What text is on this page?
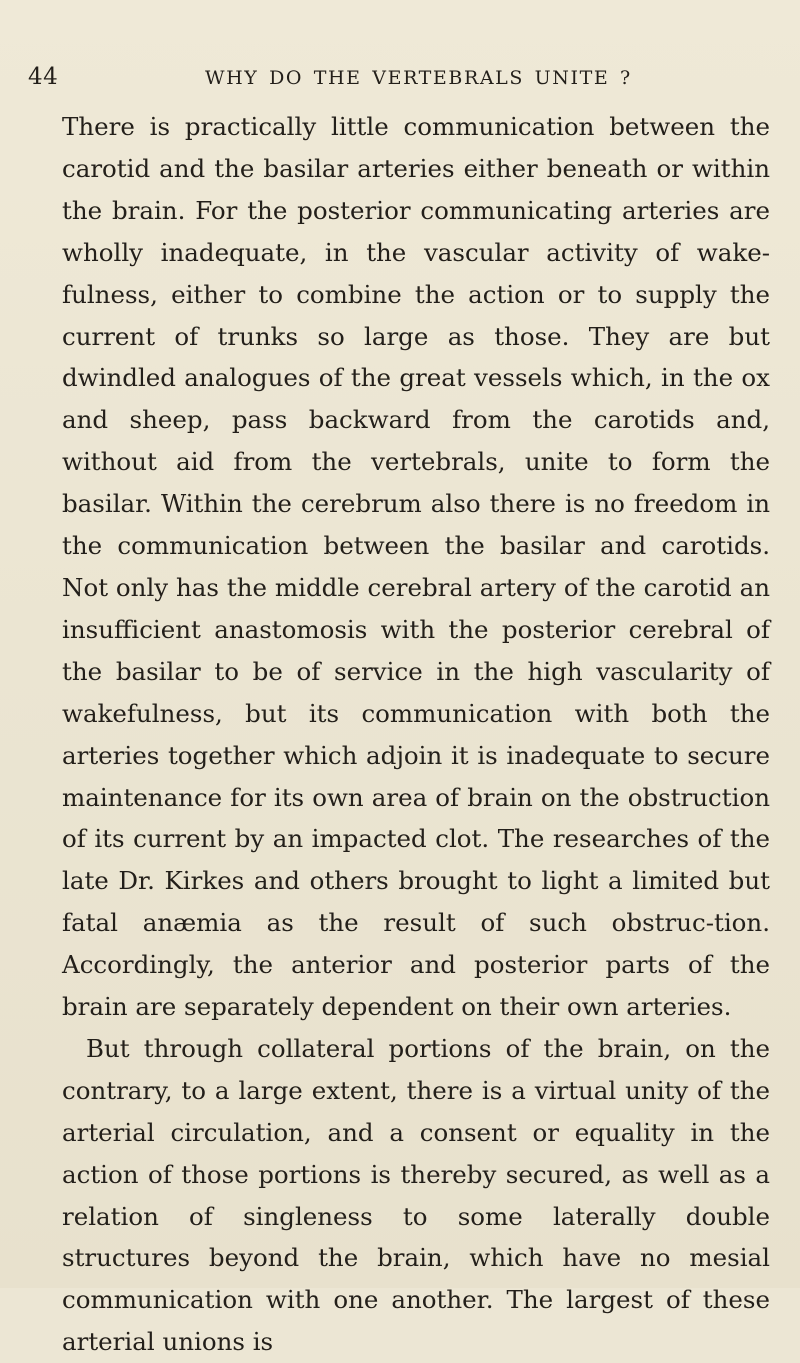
44	WHY DO THE VERTEBRALS UNITE ?

There is practically little communication between the carotid and the basilar arteries either beneath or within the brain. For the posterior communicating arteries are wholly inadequate, in the vascular activity of wake-fulness, either to combine the action or to supply the current of trunks so large as those. They are but dwindled analogues of the great vessels which, in the ox and sheep, pass backward from the carotids and, without aid from the vertebrals, unite to form the basilar. Within the cerebrum also there is no freedom in the communication between the basilar and carotids. Not only has the middle cerebral artery of the carotid an insufficient anastomosis with the posterior cerebral of the basilar to be of service in the high vascularity of wakefulness, but its communication with both the arteries together which adjoin it is inadequate to secure maintenance for its own area of brain on the obstruction of its current by an impacted clot. The researches of the late Dr. Kirkes and others brought to light a limited but fatal anæmia as the result of such obstruc-tion. Accordingly, the anterior and posterior parts of the brain are separately dependent on their own arteries.

But through collateral portions of the brain, on the contrary, to a large extent, there is a virtual unity of the arterial circulation, and a consent or equality in the action of those portions is thereby secured, as well as a relation of singleness to some laterally double structures beyond the brain, which have no mesial communication with one another. The largest of these arterial unions is
